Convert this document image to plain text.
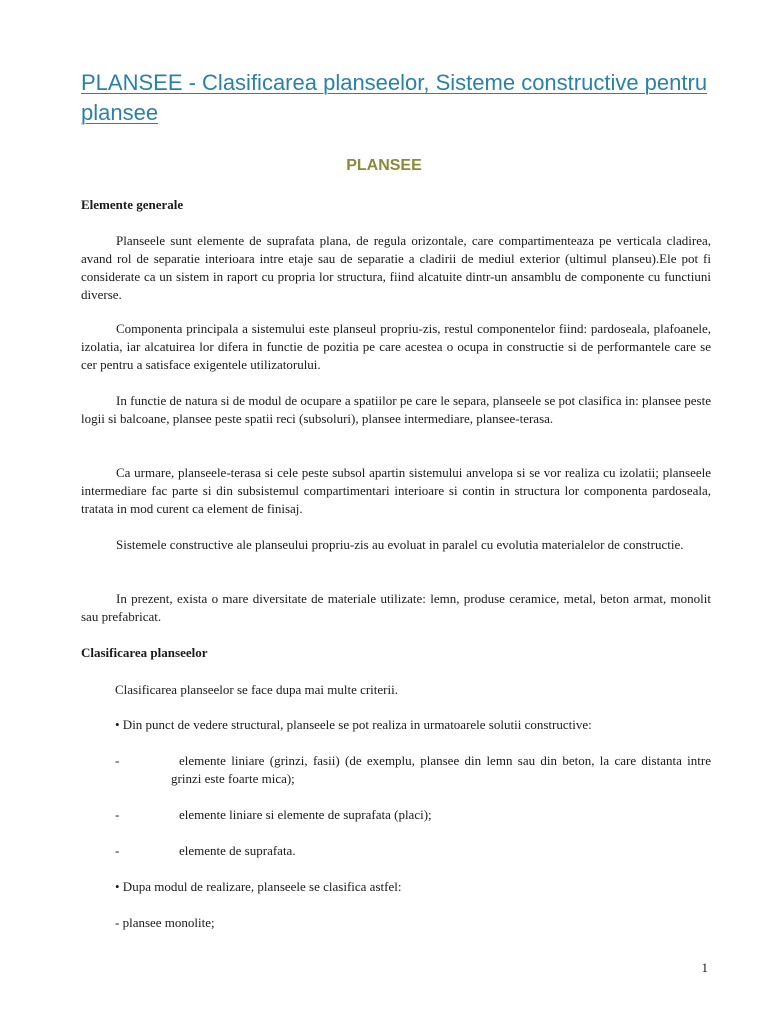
PLANSEE - Clasificarea planseelor, Sisteme constructive pentru plansee
PLANSEE

Elemente generale

Planseele sunt elemente de suprafata plana, de regula orizontale, care compartimenteaza pe verticala cladirea, avand rol de separatie interioara intre etaje sau de separatie a cladirii de mediul exterior (ultimul planseu).Ele pot fi considerate ca un sistem in raport cu propria lor structura, fiind alcatuite dintr-un ansamblu de componente cu functiuni diverse.

Componenta principala a sistemului este planseul propriu-zis, restul componentelor fiind: pardoseala, plafoanele, izolatia, iar alcatuirea lor difera in functie de pozitia pe care acestea o ocupa in constructie si de performantele care se cer pentru a satisface exigentele utilizatorului.

In functie de natura si de modul de ocupare a spatiilor pe care le separa, planseele se pot clasifica in: plansee peste logii si balcoane, plansee peste spatii reci (subsoluri), plansee intermediare, plansee-terasa.

Ca urmare, planseele-terasa si cele peste subsol apartin sistemului anvelopa si se vor realiza cu izolatii; planseele intermediare fac parte si din subsistemul compartimentari interioare si contin in structura lor componenta pardoseala, tratata in mod curent ca element de finisaj.

Sistemele constructive ale planseului propriu-zis au evoluat in paralel cu evolutia materialelor de constructie.

In prezent, exista o mare diversitate de materiale utilizate: lemn, produse ceramice, metal, beton armat, monolit sau prefabricat.

Clasificarea planseelor

Clasificarea planseelor se face dupa mai multe criterii.

• Din punct de vedere structural, planseele se pot realiza in urmatoarele solutii constructive:

-	elemente liniare (grinzi, fasii) (de exemplu, plansee din lemn sau din beton, la care distanta intre grinzi este foarte mica);
-	elemente liniare si elemente de suprafata (placi);
-	elemente de suprafata.

• Dupa modul de realizare, planseele se clasifica astfel:

- plansee monolite;

1
